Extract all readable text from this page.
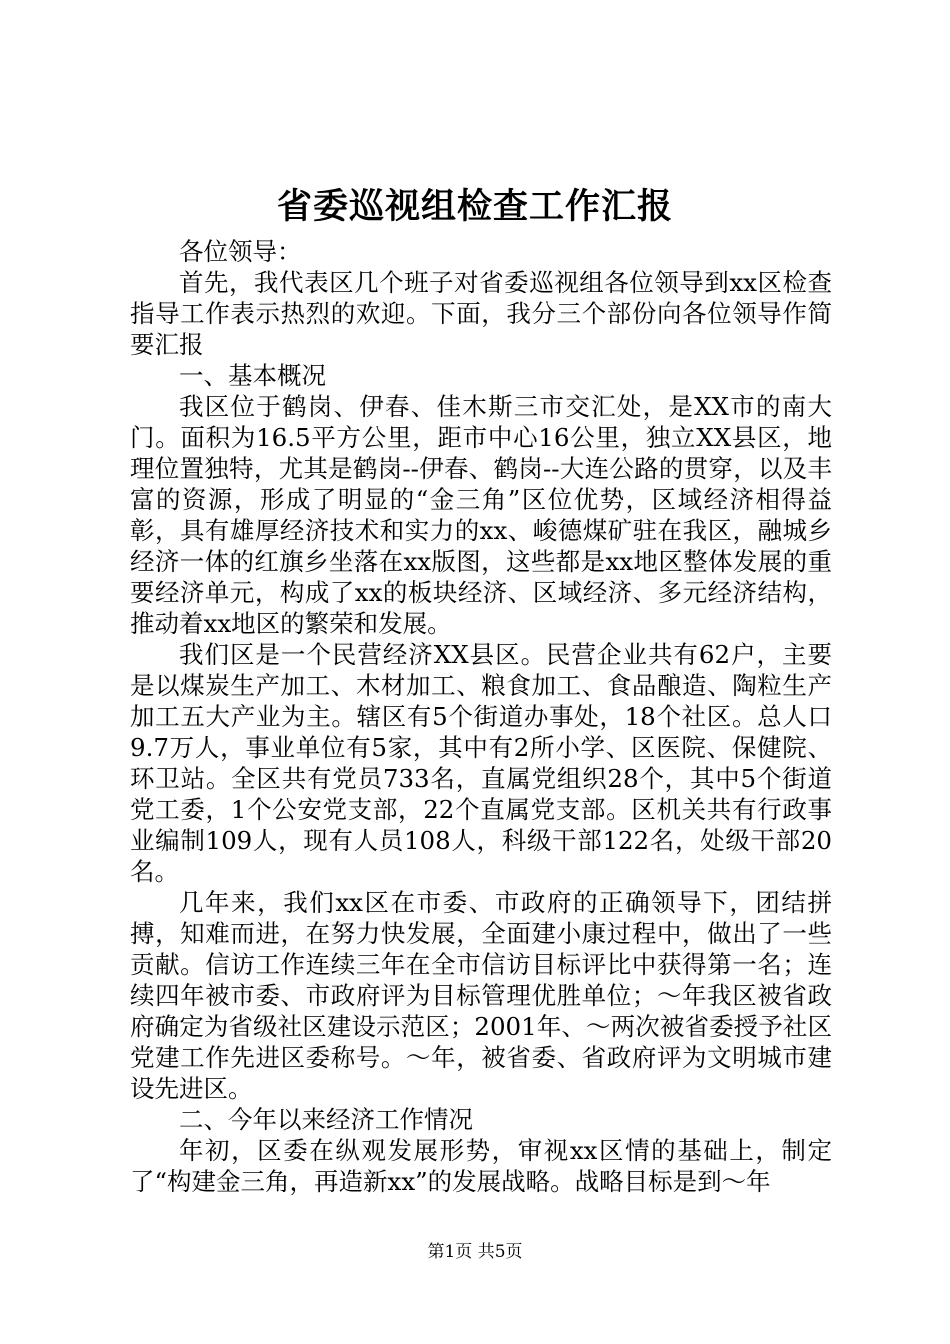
省委巡视组检查工作汇报

各位领导：

首先，我代表区几个班子对省委巡视组各位领导到xx区检查指导工作表示热烈的欢迎。下面，我分三个部份向各位领导作简要汇报

一、基本概况

我区位于鹤岗、伊春、佳木斯三市交汇处，是XX市的南大门。面积为16.5平方公里，距市中心16公里，独立XX县区，地理位置独特，尤其是鹤岗--伊春、鹤岗--大连公路的贯穿，以及丰富的资源，形成了明显的“金三角”区位优势，区域经济相得益彰，具有雄厚经济技术和实力的xx、峻德煤矿驻在我区，融城乡经济一体的红旗乡坐落在xx版图，这些都是xx地区整体发展的重要经济单元，构成了xx的板块经济、区域经济、多元经济结构，推动着xx地区的繁荣和发展。

我们区是一个民营经济XX县区。民营企业共有62户，主要是以煤炭生产加工、木材加工、粮食加工、食品酿造、陶粒生产加工五大产业为主。辖区有5个街道办事处，18个社区。总人口9.7万人，事业单位有5家，其中有2所小学、区医院、保健院、环卫站。全区共有党员733名，直属党组织28个，其中5个街道党工委，1个公安党支部，22个直属党支部。区机关共有行政事业编制109人，现有人员108人，科级干部122名，处级干部20名。

几年来，我们xx区在市委、市政府的正确领导下，团结拼搏，知难而进，在努力快发展，全面建小康过程中，做出了一些贡献。信访工作连续三年在全市信访目标评比中获得第一名；连续四年被市委、市政府评为目标管理优胜单位；～年我区被省政府确定为省级社区建设示范区；2001年、～两次被省委授予社区党建工作先进区委称号。～年，被省委、省政府评为文明城市建设先进区。

二、今年以来经济工作情况

年初，区委在纵观发展形势，审视xx区情的基础上，制定了“构建金三角，再造新xx”的发展战略。战略目标是到～年

第1页 共5页
